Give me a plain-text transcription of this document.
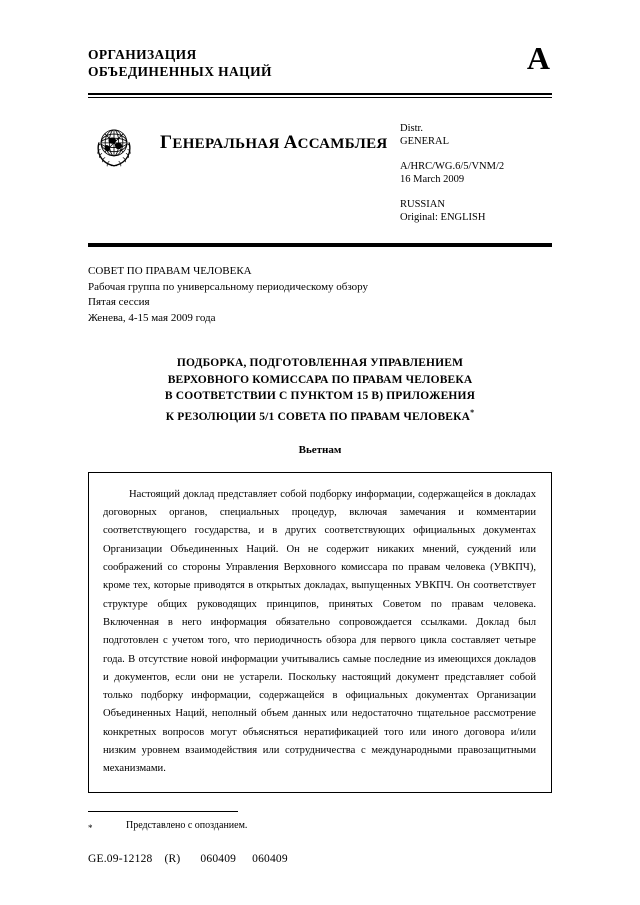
ОРГАНИЗАЦИЯ
ОБЪЕДИНЕННЫХ НАЦИЙ	A
ГЕНЕРАЛЬНАЯ АССАМБЛЕЯ
Distr.
GENERAL
A/HRC/WG.6/5/VNM/2
16 March 2009
RUSSIAN
Original: ENGLISH
СОВЕТ ПО ПРАВАМ ЧЕЛОВЕКА
Рабочая группа по универсальному периодическому обзору
Пятая сессия
Женева, 4-15 мая 2009 года
ПОДБОРКА, ПОДГОТОВЛЕННАЯ УПРАВЛЕНИЕМ
ВЕРХОВНОГО КОМИССАРА ПО ПРАВАМ ЧЕЛОВЕКА
В СООТВЕТСТВИИ С ПУНКТОМ 15 B) ПРИЛОЖЕНИЯ
К РЕЗОЛЮЦИИ 5/1 СОВЕТА ПО ПРАВАМ ЧЕЛОВЕКА*
Вьетнам

Настоящий доклад представляет собой подборку информации, содержащейся в докладах договорных органов, специальных процедур, включая замечания и комментарии соответствующего государства, и в других соответствующих официальных документах Организации Объединенных Наций. Он не содержит никаких мнений, суждений или соображений со стороны Управления Верховного комиссара по правам человека (УВКПЧ), кроме тех, которые приводятся в открытых докладах, выпущенных УВКПЧ. Он соответствует структуре общих руководящих принципов, принятых Советом по правам человека. Включенная в него информация обязательно сопровождается ссылками. Доклад был подготовлен с учетом того, что периодичность обзора для первого цикла составляет четыре года. В отсутствие новой информации учитывались самые последние из имеющихся докладов и документов, если они не устарели. Поскольку настоящий документ представляет собой только подборку информации, содержащейся в официальных документах Организации Объединенных Наций, неполный объем данных или недостаточно тщательное рассмотрение конкретных вопросов могут объясняться нератификацией того или иного договора и/или низким уровнем взаимодействия или сотрудничества с международными правозащитными механизмами.

*	Представлено с опозданием.
GE.09-12128 (R) 060409 060409
